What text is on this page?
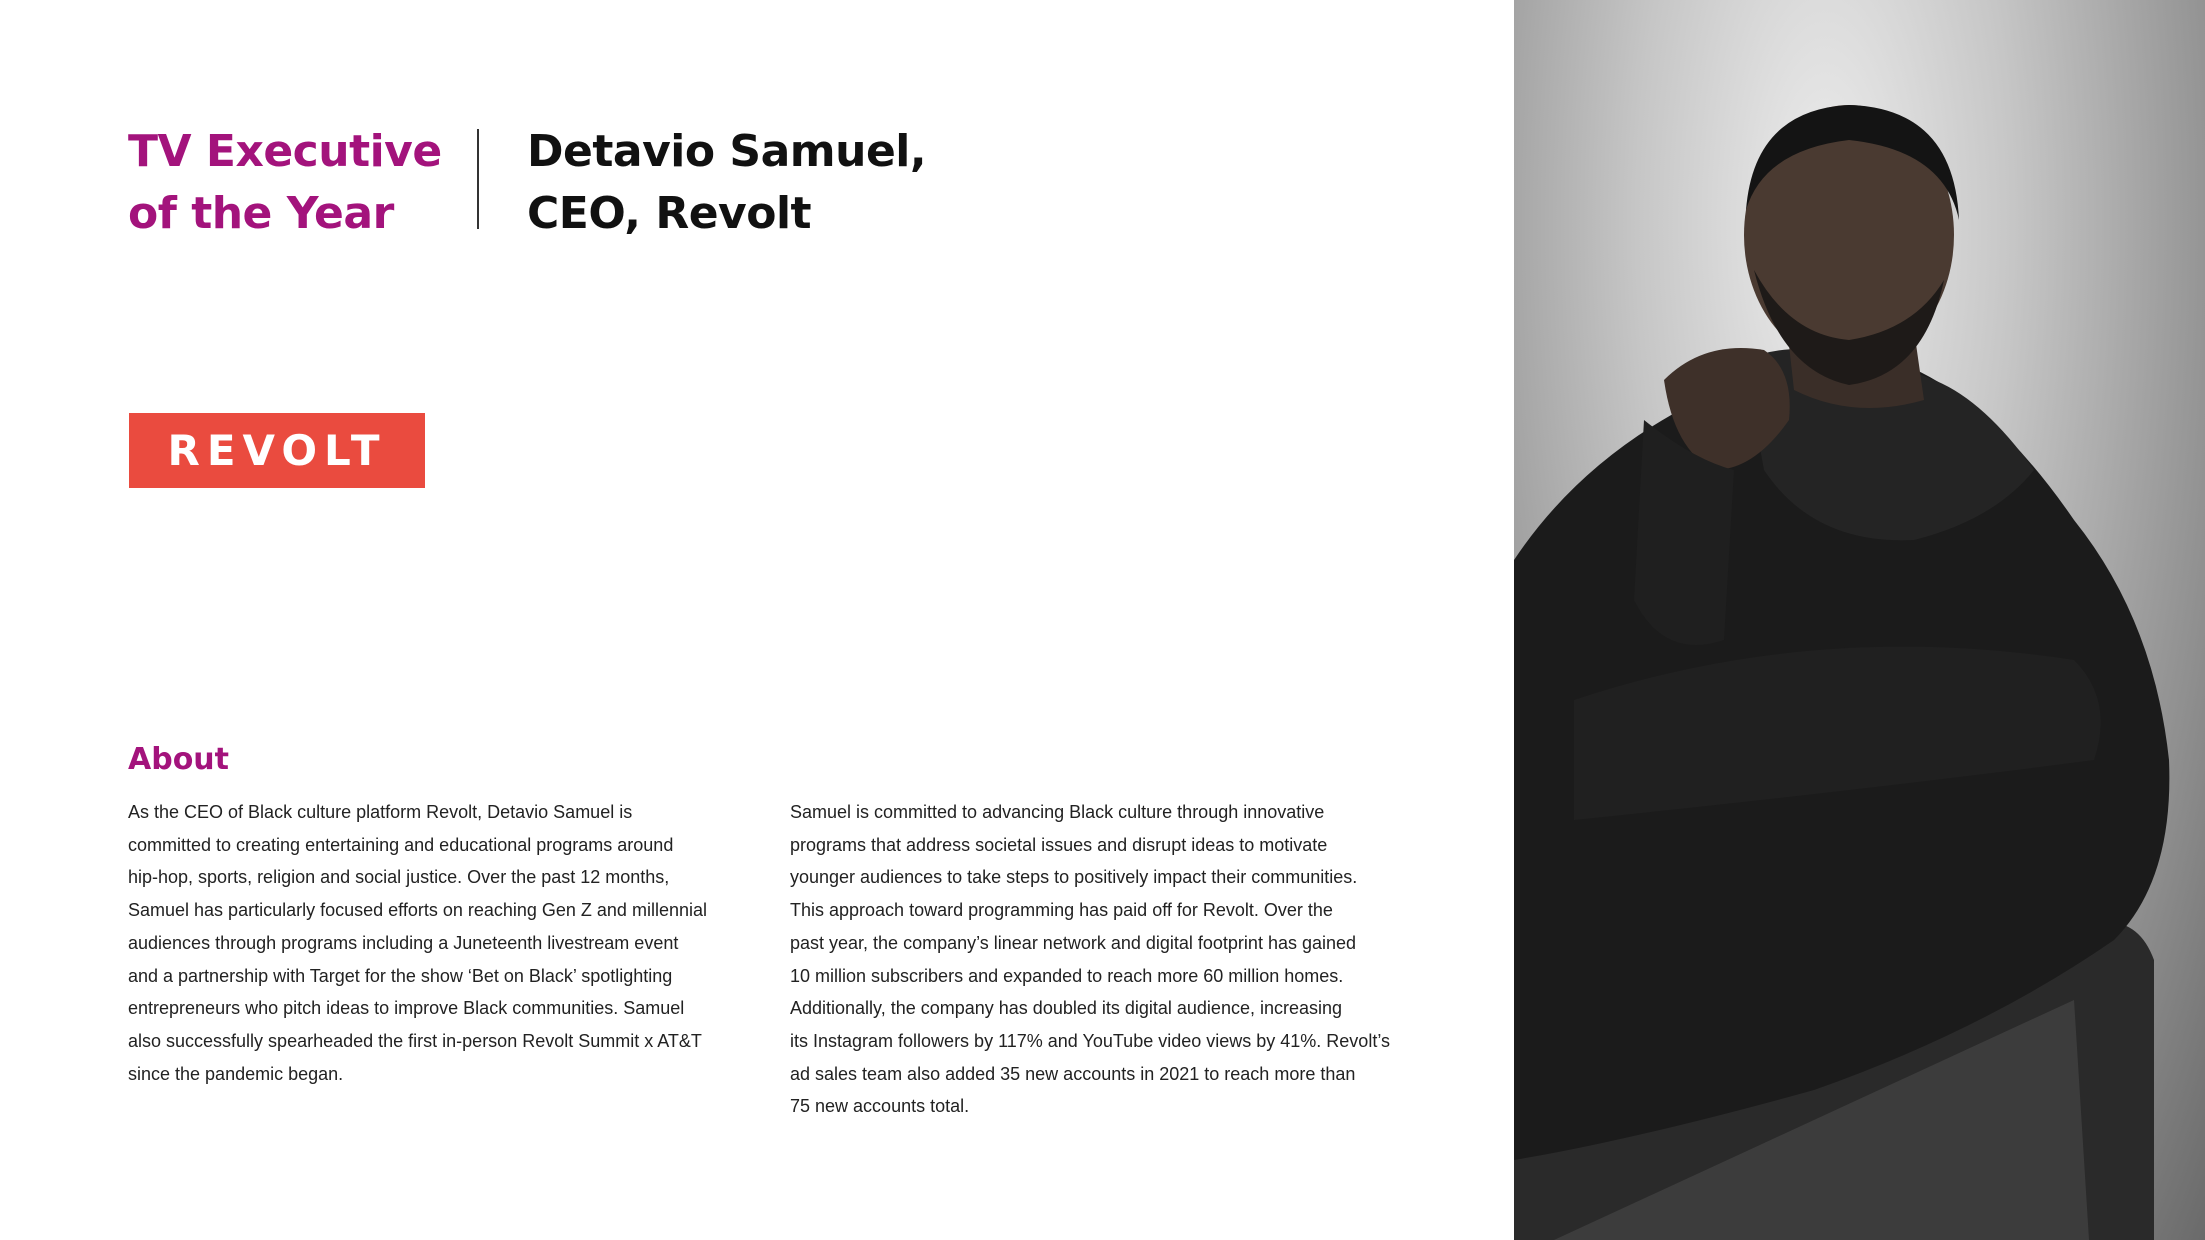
TV Executive
of the Year
Detavio Samuel,
CEO, Revolt
REVOLT
About
As the CEO of Black culture platform Revolt, Detavio Samuel is
committed to creating entertaining and educational programs around
hip-hop, sports, religion and social justice. Over the past 12 months,
Samuel has particularly focused efforts on reaching Gen Z and millennial
audiences through programs including a Juneteenth livestream event
and a partnership with Target for the show ‘Bet on Black’ spotlighting
entrepreneurs who pitch ideas to improve Black communities. Samuel
also successfully spearheaded the first in-person Revolt Summit x AT&T
since the pandemic began.
Samuel is committed to advancing Black culture through innovative
programs that address societal issues and disrupt ideas to motivate
younger audiences to take steps to positively impact their communities.
This approach toward programming has paid off for Revolt. Over the
past year, the company’s linear network and digital footprint has gained
10 million subscribers and expanded to reach more 60 million homes.
Additionally, the company has doubled its digital audience, increasing
its Instagram followers by 117% and YouTube video views by 41%. Revolt’s
ad sales team also added 35 new accounts in 2021 to reach more than
75 new accounts total.
